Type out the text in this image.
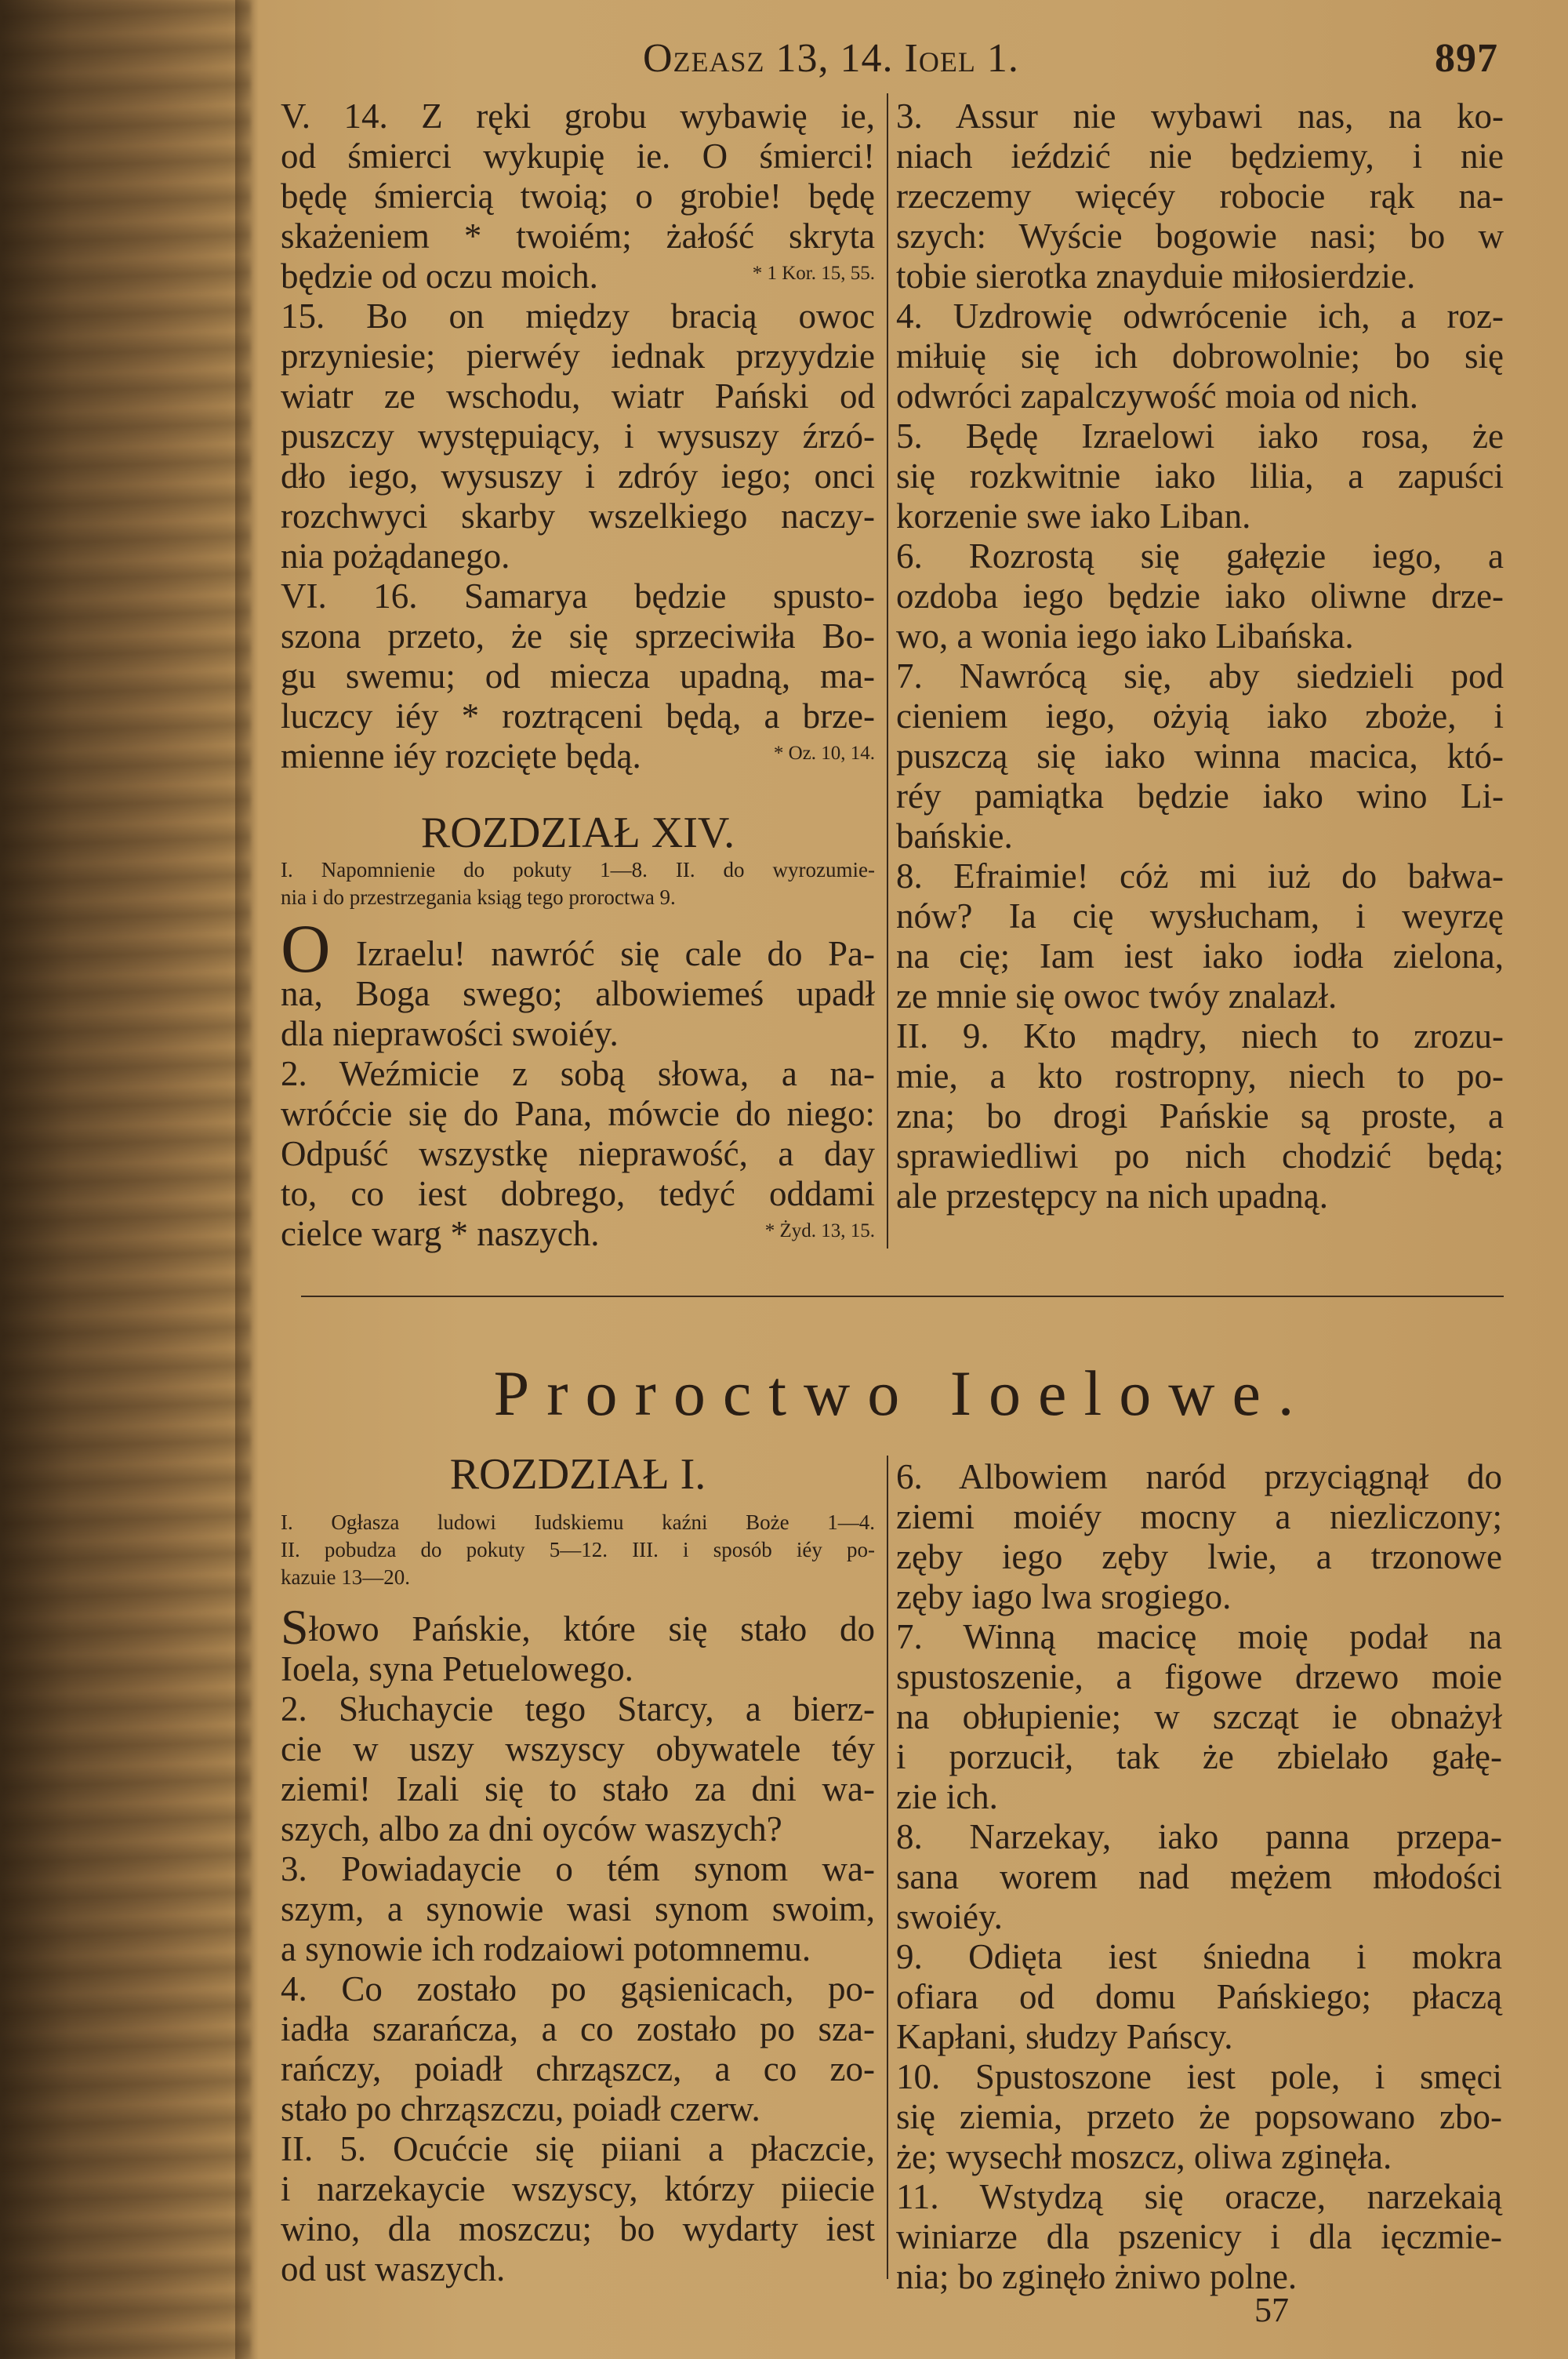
Ozeasz 13, 14. Ioel 1.	897
V. 14. Z ręki grobu wybawię ie,
od śmierci wykupię ie. O śmierci!
będę śmiercią twoią; o grobie! będę
skażeniem * twoiém; żałość skryta
* 1 Kor. 15, 55.
będzie od oczu moich.
15. Bo on między bracią owoc
przyniesie; pierwéy iednak przyydzie
wiatr ze wschodu, wiatr Pański od
puszczy występuiący, i wysuszy źrzó-
dło iego, wysuszy i zdróy iego; onci
rozchwyci skarby wszelkiego naczy-
nia pożądanego.
VI. 16. Samarya będzie spusto-
szona przeto, że się sprzeciwiła Bo-
gu swemu; od miecza upadną, ma-
luczcy iéy * roztrąceni będą, a brze-
* Oz. 10, 14.
mienne iéy rozcięte będą.
ROZDZIAŁ XIV.
I. Napomnienie do pokuty 1—8. II. do wyrozumie-
nia i do przestrzegania ksiąg tego proroctwa 9.
O Izraelu! nawróć się cale do Pa-
na, Boga swego; albowiemeś upadł
dla nieprawości swoiéy.
2. Weźmicie z sobą słowa, a na-
wróćcie się do Pana, mówcie do niego:
Odpuść wszystkę nieprawość, a day
to, co iest dobrego, tedyć oddami
* Żyd. 13, 15.
cielce warg * naszych.
3. Assur nie wybawi nas, na ko-
niach ieździć nie będziemy, i nie
rzeczemy więcéy robocie rąk na-
szych: Wyście bogowie nasi; bo w
tobie sierotka znayduie miłosierdzie.
4. Uzdrowię odwrócenie ich, a roz-
miłuię się ich dobrowolnie; bo się
odwróci zapalczywość moia od nich.
5. Będę Izraelowi iako rosa, że
się rozkwitnie iako lilia, a zapuści
korzenie swe iako Liban.
6. Rozrostą się gałęzie iego, a
ozdoba iego będzie iako oliwne drze-
wo, a wonia iego iako Libańska.
7. Nawrócą się, aby siedzieli pod
cieniem iego, ożyią iako zboże, i
puszczą się iako winna macica, któ-
réy pamiątka będzie iako wino Li-
bańskie.
8. Efraimie! cóż mi iuż do bałwa-
nów? Ia cię wysłucham, i weyrzę
na cię; Iam iest iako iodła zielona,
ze mnie się owoc twóy znalazł.
II. 9. Kto mądry, niech to zrozu-
mie, a kto rostropny, niech to po-
zna; bo drogi Pańskie są proste, a
sprawiedliwi po nich chodzić będą;
ale przestępcy na nich upadną.
Proroctwo Ioelowe.
ROZDZIAŁ I.
I. Ogłasza ludowi Iudskiemu kaźni Boże 1—4.
II. pobudza do pokuty 5—12. III. i sposób iéy po-
kazuie 13—20.
Słowo Pańskie, które się stało do
Ioela, syna Petuelowego.
2. Słuchaycie tego Starcy, a bierz-
cie w uszy wszyscy obywatele téy
ziemi! Izali się to stało za dni wa-
szych, albo za dni oyców waszych?
3. Powiadaycie o tém synom wa-
szym, a synowie wasi synom swoim,
a synowie ich rodzaiowi potomnemu.
4. Co zostało po gąsienicach, po-
iadła szarańcza, a co zostało po sza-
rańczy, poiadł chrząszcz, a co zo-
stało po chrząszczu, poiadł czerw.
II. 5. Ocućcie się piiani a płaczcie,
i narzekaycie wszyscy, którzy piiecie
wino, dla moszczu; bo wydarty iest
od ust waszych.
6. Albowiem naród przyciągnął do
ziemi moiéy mocny a niezliczony;
zęby iego zęby lwie, a trzonowe
zęby iago lwa srogiego.
7. Winną macicę moię podał na
spustoszenie, a figowe drzewo moie
na obłupienie; w szcząt ie obnażył
i porzucił, tak że zbielało gałę-
zie ich.
8. Narzekay, iako panna przepa-
sana worem nad mężem młodości
swoiéy.
9. Odięta iest śniedna i mokra
ofiara od domu Pańskiego; płaczą
Kapłani, słudzy Pańscy.
10. Spustoszone iest pole, i smęci
się ziemia, przeto że popsowano zbo-
że; wysechł moszcz, oliwa zginęła.
11. Wstydzą się oracze, narzekaią
winiarze dla pszenicy i dla ięczmie-
nia; bo zginęło żniwo polne.
57
